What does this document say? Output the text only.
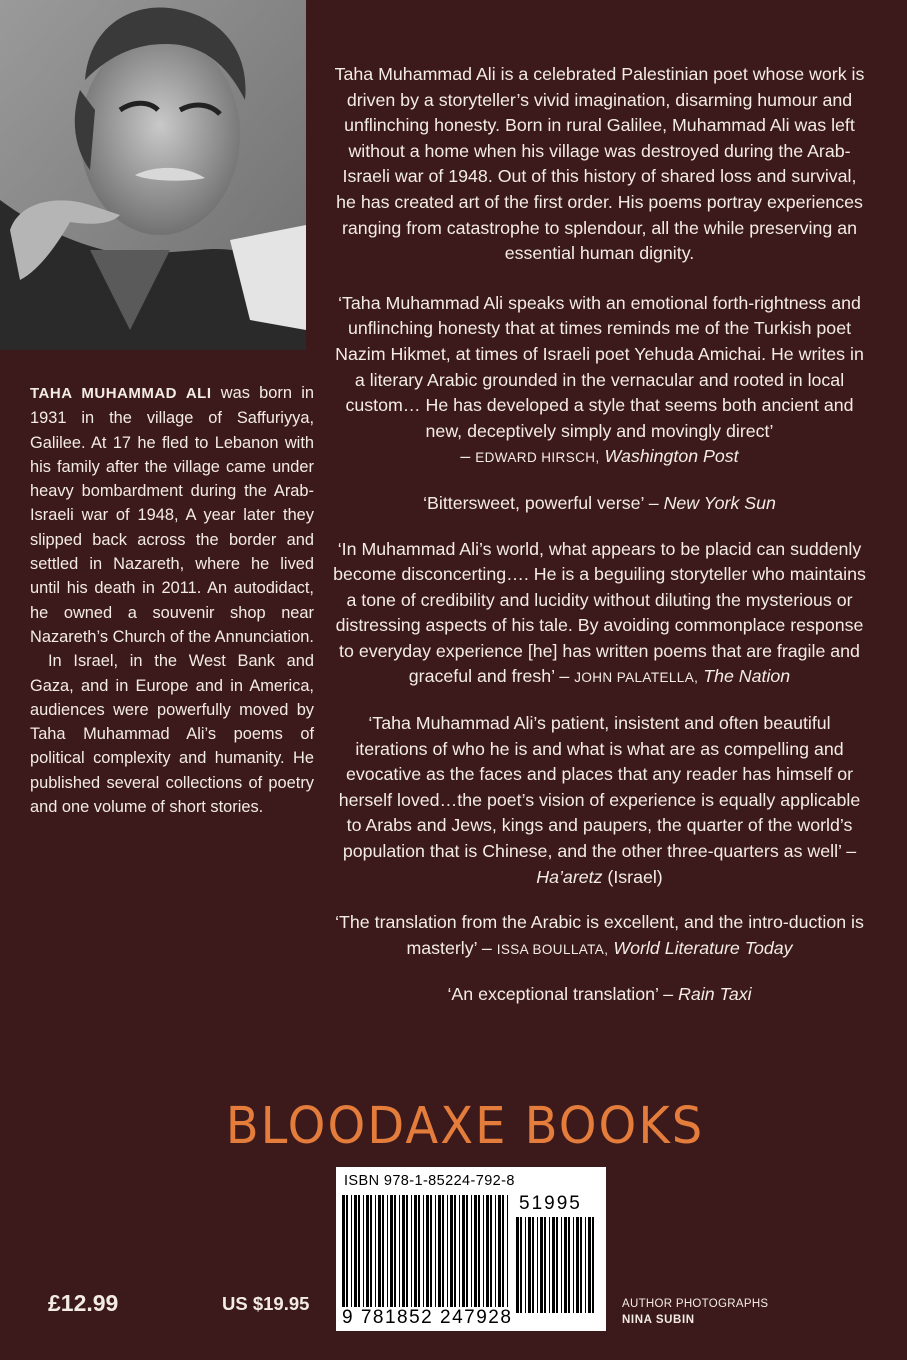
TAHA MUHAMMAD ALI was born in 1931 in the village of Saffuriyya, Galilee. At 17 he fled to Lebanon with his family after the village came under heavy bombardment during the Arab-Israeli war of 1948, A year later they slipped back across the border and settled in Nazareth, where he lived until his death in 2011. An autodidact, he owned a souvenir shop near Nazareth’s Church of the Annunciation.

In Israel, in the West Bank and Gaza, and in Europe and in America, audiences were powerfully moved by Taha Muhammad Ali’s poems of political complexity and humanity. He published several collections of poetry and one volume of short stories.

Taha Muhammad Ali is a celebrated Palestinian poet whose work is driven by a storyteller’s vivid imagination, disarming humour and unflinching honesty. Born in rural Galilee, Muhammad Ali was left without a home when his village was destroyed during the Arab-Israeli war of 1948. Out of this history of shared loss and survival, he has created art of the first order. His poems portray experiences ranging from catastrophe to splendour, all the while preserving an essential human dignity.

‘Taha Muhammad Ali speaks with an emotional forth-rightness and unflinching honesty that at times reminds me of the Turkish poet Nazim Hikmet, at times of Israeli poet Yehuda Amichai. He writes in a literary Arabic grounded in the vernacular and rooted in local custom… He has developed a style that seems both ancient and new, deceptively simply and movingly direct’
– EDWARD HIRSCH, Washington Post

‘Bittersweet, powerful verse’ – New York Sun

‘In Muhammad Ali’s world, what appears to be placid can suddenly become disconcerting…. He is a beguiling storyteller who maintains a tone of credibility and lucidity without diluting the mysterious or distressing aspects of his tale. By avoiding commonplace response to everyday experience [he] has written poems that are fragile and graceful and fresh’ – JOHN PALATELLA, The Nation

‘Taha Muhammad Ali’s patient, insistent and often beautiful iterations of who he is and what is what are as compelling and evocative as the faces and places that any reader has himself or herself loved…the poet’s vision of experience is equally applicable to Arabs and Jews, kings and paupers, the quarter of the world’s population that is Chinese, and the other three-quarters as well’ – Ha’aretz (Israel)

‘The translation from the Arabic is excellent, and the intro-duction is masterly’ – ISSA BOULLATA, World Literature Today

‘An exceptional translation’ – Rain Taxi

BLOODAXE BOOKS
ISBN 978-1-85224-792-8
51995
9 781852 247928
£12.99	US $19.95	AUTHOR PHOTOGRAPHS
NINA SUBIN
